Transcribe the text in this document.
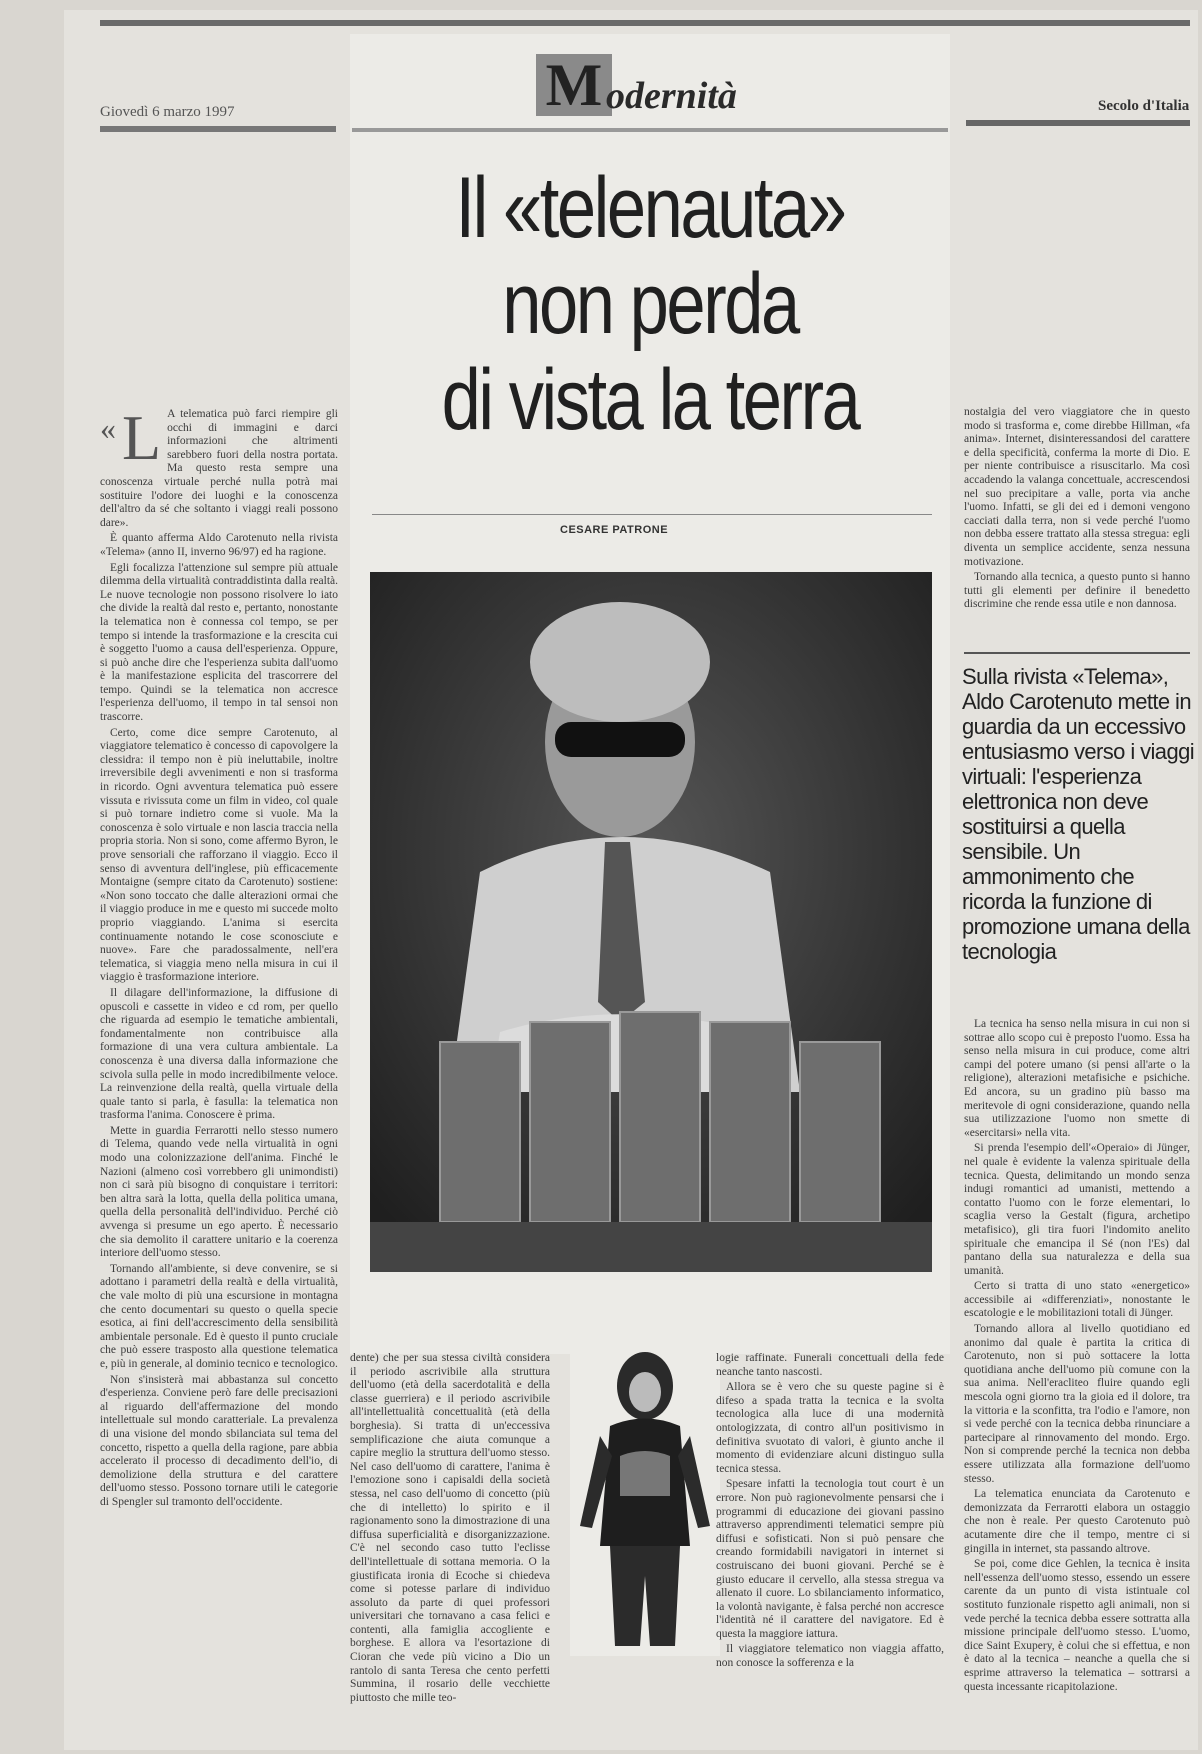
Giovedì 6 marzo 1997	Secolo d'Italia
M odernità
Il «telenauta»
non perda
di vista la terra
CESARE PATRONE
« L A telematica può farci riempire gli occhi di immagini e darci informazioni che altrimenti sarebbero fuori della nostra portata. Ma questo resta sempre una conoscenza virtuale perché nulla potrà mai sostituire l'odore dei luoghi e la conoscenza dell'altro da sé che soltanto i viaggi reali possono dare».

È quanto afferma Aldo Carotenuto nella rivista «Telema» (anno II, inverno 96/97) ed ha ragione.

Egli focalizza l'attenzione sul sempre più attuale dilemma della virtualità contraddistinta dalla realtà. Le nuove tecnologie non possono risolvere lo iato che divide la realtà dal resto e, pertanto, nonostante la telematica non è connessa col tempo, se per tempo si intende la trasformazione e la crescita cui è soggetto l'uomo a causa dell'esperienza. Oppure, si può anche dire che l'esperienza subita dall'uomo è la manifestazione esplicita del trascorrere del tempo. Quindi se la telematica non accresce l'esperienza dell'uomo, il tempo in tal sensoi non trascorre.

Certo, come dice sempre Carotenuto, al viaggiatore telematico è concesso di capovolgere la clessidra: il tempo non è più ineluttabile, inoltre irreversibile degli avvenimenti e non si trasforma in ricordo. Ogni avventura telematica può essere vissuta e rivissuta come un film in video, col quale si può tornare indietro come si vuole. Ma la conoscenza è solo virtuale e non lascia traccia nella propria storia. Non si sono, come affermo Byron, le prove sensoriali che rafforzano il viaggio. Ecco il senso di avventura dell'inglese, più efficacemente Montaigne (sempre citato da Carotenuto) sostiene: «Non sono toccato che dalle alterazioni ormai che il viaggio produce in me e questo mi succede molto proprio viaggiando. L'anima si esercita continuamente notando le cose sconosciute e nuove». Fare che paradossalmente, nell'era telematica, si viaggia meno nella misura in cui il viaggio è trasformazione interiore.

Il dilagare dell'informazione, la diffusione di opuscoli e cassette in video e cd rom, per quello che riguarda ad esempio le tematiche ambientali, fondamentalmente non contribuisce alla formazione di una vera cultura ambientale. La conoscenza è una diversa dalla informazione che scivola sulla pelle in modo incredibilmente veloce. La reinvenzione della realtà, quella virtuale della quale tanto si parla, è fasulla: la telematica non trasforma l'anima. Conoscere è prima.

Mette in guardia Ferrarotti nello stesso numero di Telema, quando vede nella virtualità in ogni modo una colonizzazione dell'anima. Finché le Nazioni (almeno così vorrebbero gli unimondisti) non ci sarà più bisogno di conquistare i territori: ben altra sarà la lotta, quella della politica umana, quella della personalità dell'individuo. Perché ciò avvenga si presume un ego aperto. È necessario che sia demolito il carattere unitario e la coerenza interiore dell'uomo stesso.

Tornando all'ambiente, si deve convenire, se si adottano i parametri della realtà e della virtualità, che vale molto di più una escursione in montagna che cento documentari su questo o quella specie esotica, ai fini dell'accrescimento della sensibilità ambientale personale. Ed è questo il punto cruciale che può essere trasposto alla questione telematica e, più in generale, al dominio tecnico e tecnologico.

Non s'insisterà mai abbastanza sul concetto d'esperienza. Conviene però fare delle precisazioni al riguardo dell'affermazione del mondo intellettuale sul mondo caratteriale. La prevalenza di una visione del mondo sbilanciata sul tema del concetto, rispetto a quella della ragione, pare abbia accelerato il processo di decadimento dell'io, di demolizione della struttura e del carattere dell'uomo stesso. Possono tornare utili le categorie di Spengler sul tramonto dell'occidente.

nostalgia del vero viaggiatore che in questo modo si trasforma e, come direbbe Hillman, «fa anima». Internet, disinteressandosi del carattere e della specificità, conferma la morte di Dio. E per niente contribuisce a risuscitarlo. Ma così accadendo la valanga concettuale, accrescendosi nel suo precipitare a valle, porta via anche l'uomo. Infatti, se gli dei ed i demoni vengono cacciati dalla terra, non si vede perché l'uomo non debba essere trattato alla stessa stregua: egli diventa un semplice accidente, senza nessuna motivazione.

Tornando alla tecnica, a questo punto si hanno tutti gli elementi per definire il benedetto discrimine che rende essa utile e non dannosa.

Sulla rivista «Telema», Aldo Carotenuto mette in guardia da un eccessivo entusiasmo verso i viaggi virtuali: l'esperienza elettronica non deve sostituirsi a quella sensibile. Un ammonimento che ricorda la funzione di promozione umana della tecnologia

La tecnica ha senso nella misura in cui non si sottrae allo scopo cui è preposto l'uomo. Essa ha senso nella misura in cui produce, come altri campi del potere umano (si pensi all'arte o la religione), alterazioni metafisiche e psichiche. Ed ancora, su un gradino più basso ma meritevole di ogni considerazione, quando nella sua utilizzazione l'uomo non smette di «esercitarsi» nella vita.

Si prenda l'esempio dell'«Operaio» di Jünger, nel quale è evidente la valenza spirituale della tecnica. Questa, delimitando un mondo senza indugi romantici ad umanisti, mettendo a contatto l'uomo con le forze elementari, lo scaglia verso la Gestalt (figura, archetipo metafisico), gli tira fuori l'indomito anelito spirituale che emancipa il Sé (non l'Es) dal pantano della sua naturalezza e della sua umanità.

Certo si tratta di uno stato «energetico» accessibile ai «differenziati», nonostante le escatologie e le mobilitazioni totali di Jünger.

Tornando allora al livello quotidiano ed anonimo dal quale è partita la critica di Carotenuto, non si può sottacere la lotta quotidiana anche dell'uomo più comune con la sua anima. Nell'eracliteo fluire quando egli mescola ogni giorno tra la gioia ed il dolore, tra la vittoria e la sconfitta, tra l'odio e l'amore, non si vede perché con la tecnica debba rinunciare a partecipare al rinnovamento del mondo. Ergo. Non si comprende perché la tecnica non debba essere utilizzata alla formazione dell'uomo stesso.

La telematica enunciata da Carotenuto e demonizzata da Ferrarotti elabora un ostaggio che non è reale. Per questo Carotenuto può acutamente dire che il tempo, mentre ci si gingilla in internet, sta passando altrove.

Se poi, come dice Gehlen, la tecnica è insita nell'essenza dell'uomo stesso, essendo un essere carente da un punto di vista istintuale col sostituto funzionale rispetto agli animali, non si vede perché la tecnica debba essere sottratta alla missione principale dell'uomo stesso. L'uomo, dice Saint Exupery, è colui che si effettua, e non è dato al la tecnica – neanche a quella che si esprime attraverso la telematica – sottrarsi a questa incessante ricapitolazione.

dente) che per sua stessa civiltà considera il periodo ascrivibile alla struttura dell'uomo (età della sacerdotalità e della classe guerriera) e il periodo ascrivibile all'intellettualità concettualità (età della borghesia). Si tratta di un'eccessiva semplificazione che aiuta comunque a capire meglio la struttura dell'uomo stesso. Nel caso dell'uomo di carattere, l'anima è l'emozione sono i capisaldi della società stessa, nel caso dell'uomo di concetto (più che di intelletto) lo spirito e il ragionamento sono la dimostrazione di una diffusa superficialità e disorganizzazione. C'è nel secondo caso tutto l'eclisse dell'intellettuale di sottana memoria. O la giustificata ironia di Ecoche si chiedeva come si potesse parlare di individuo assoluto da parte di quei professori universitari che tornavano a casa felici e contenti, alla famiglia accogliente e borghese. E allora va l'esortazione di Cioran che vede più vicino a Dio un rantolo di santa Teresa che cento perfetti Summina, il rosario delle vecchiette piuttosto che mille teo-

logie raffinate. Funerali concettuali della fede neanche tanto nascosti.

Allora se è vero che su queste pagine si è difeso a spada tratta la tecnica e la svolta tecnologica alla luce di una modernità ontologizzata, di contro all'un positivismo in definitiva svuotato di valori, è giunto anche il momento di evidenziare alcuni distinguo sulla tecnica stessa.

Spesare infatti la tecnologia tout court è un errore. Non può ragionevolmente pensarsi che i programmi di educazione dei giovani passino attraverso apprendimenti telematici sempre più diffusi e sofisticati. Non si può pensare che creando formidabili navigatori in internet si costruiscano dei buoni giovani. Perché se è giusto educare il cervello, alla stessa stregua va allenato il cuore. Lo sbilanciamento informatico, la volontà navigante, è falsa perché non accresce l'identità né il carattere del navigatore. Ed è questa la maggiore iattura.

Il viaggiatore telematico non viaggia affatto, non conosce la sofferenza e la
